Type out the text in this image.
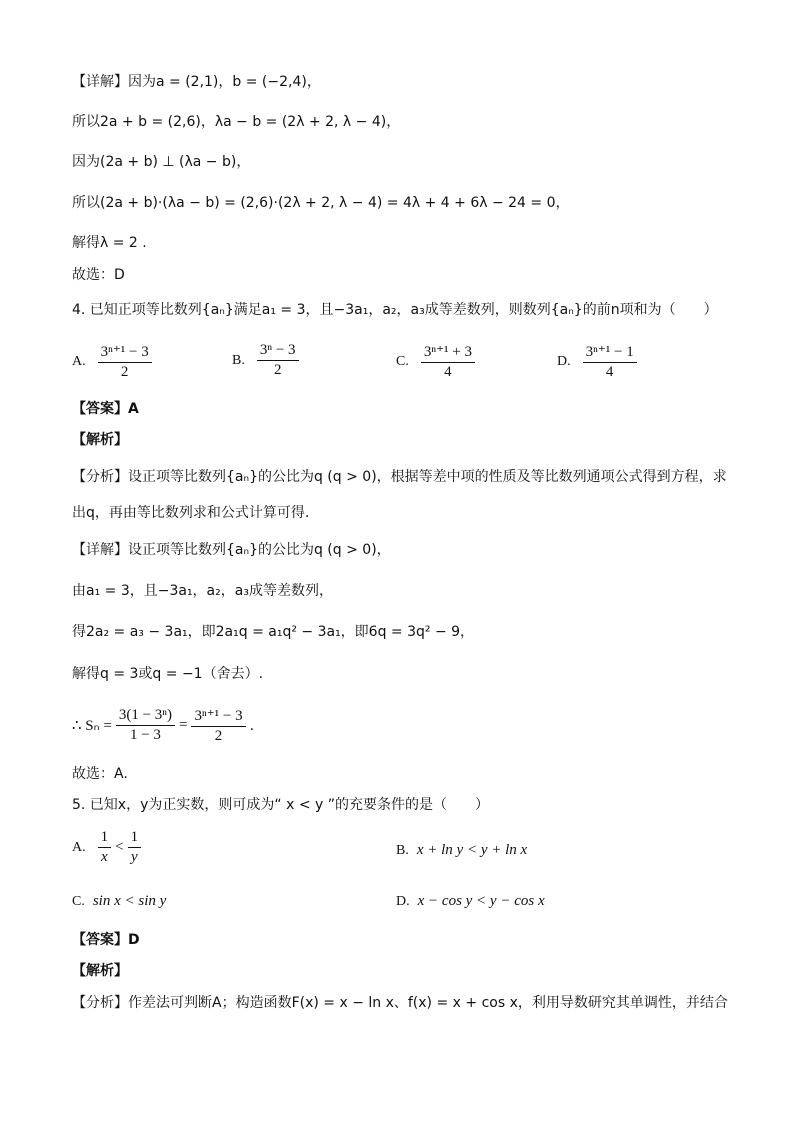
【详解】因为a = (2,1)，b = (−2,4)，
所以2a + b = (2,6)，λa − b = (2λ + 2, λ − 4)，
因为(2a + b) ⊥ (λa − b)，
所以(2a + b)·(λa − b) = (2,6)·(2λ + 2, λ − 4) = 4λ + 4 + 6λ − 24 = 0，
解得λ = 2 .
故选：D
4. 已知正项等比数列{aₙ}满足a₁ = 3，且−3a₁，a₂，a₃成等差数列，则数列{aₙ}的前n项和为（　　）
A. $\frac{\text{3ⁿ⁺¹ − 3}}{2}$	B. $\frac{\text{3ⁿ − 3}}{2}$	C. $\frac{\text{3ⁿ⁺¹ + 3}}{4}$	D. $\frac{\text{3ⁿ⁺¹ − 1}}{4}$
【答案】A
【解析】
【分析】设正项等比数列{aₙ}的公比为q (q > 0)，根据等差中项的性质及等比数列通项公式得到方程，求
出q，再由等比数列求和公式计算可得.
【详解】设正项等比数列{aₙ}的公比为q (q > 0)，
由a₁ = 3，且−3a₁，a₂，a₃成等差数列，
得2a₂ = a₃ − 3a₁，即2a₁q = a₁q² − 3a₁，即6q = 3q² − 9，
解得q = 3或q = −1（舍去）.
∴ $S_n = \frac{\text{3(1 − 3ⁿ)}}{1 - 3} = \frac{\text{3ⁿ⁺¹ − 3}}{2}$ .
故选：A.
5. 已知x，y为正实数，则可成为“ x < y ”的充要条件的是（　　）
A. $\frac{1}{x} < \frac{1}{y}$	B. x + ln y < y + ln x
C. sin x < sin y	D. x − cos y < y − cos x
【答案】D
【解析】
【分析】作差法可判断A；构造函数F(x) = x − ln x、f(x) = x + cos x，利用导数研究其单调性，并结合
